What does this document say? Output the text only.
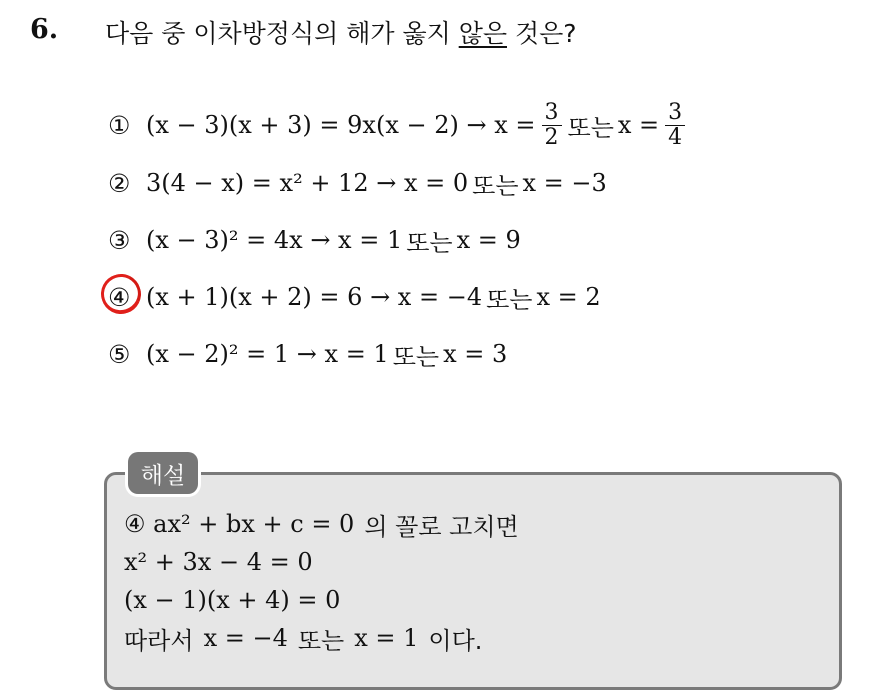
6. 다음 중 이차방정식의 해가 옳지 않은 것은?
① $(x - 3)(x + 3) = 9x(x - 2) \to x = \frac{3}{2}$ 또는 $x = \frac{3}{4}$
② 3(4 − x) = x² + 12 → x = 0 또는 x = −3
③ (x − 3)² = 4x → x = 1 또는 x = 9
④ (x + 1)(x + 2) = 6 → x = −4 또는 x = 2
⑤ (x − 2)² = 1 → x = 1 또는 x = 3
해설
④ ax² + bx + c = 0 의 꼴로 고치면
x² + 3x − 4 = 0
(x − 1)(x + 4) = 0
따라서 x = −4 또는 x = 1 이다.
